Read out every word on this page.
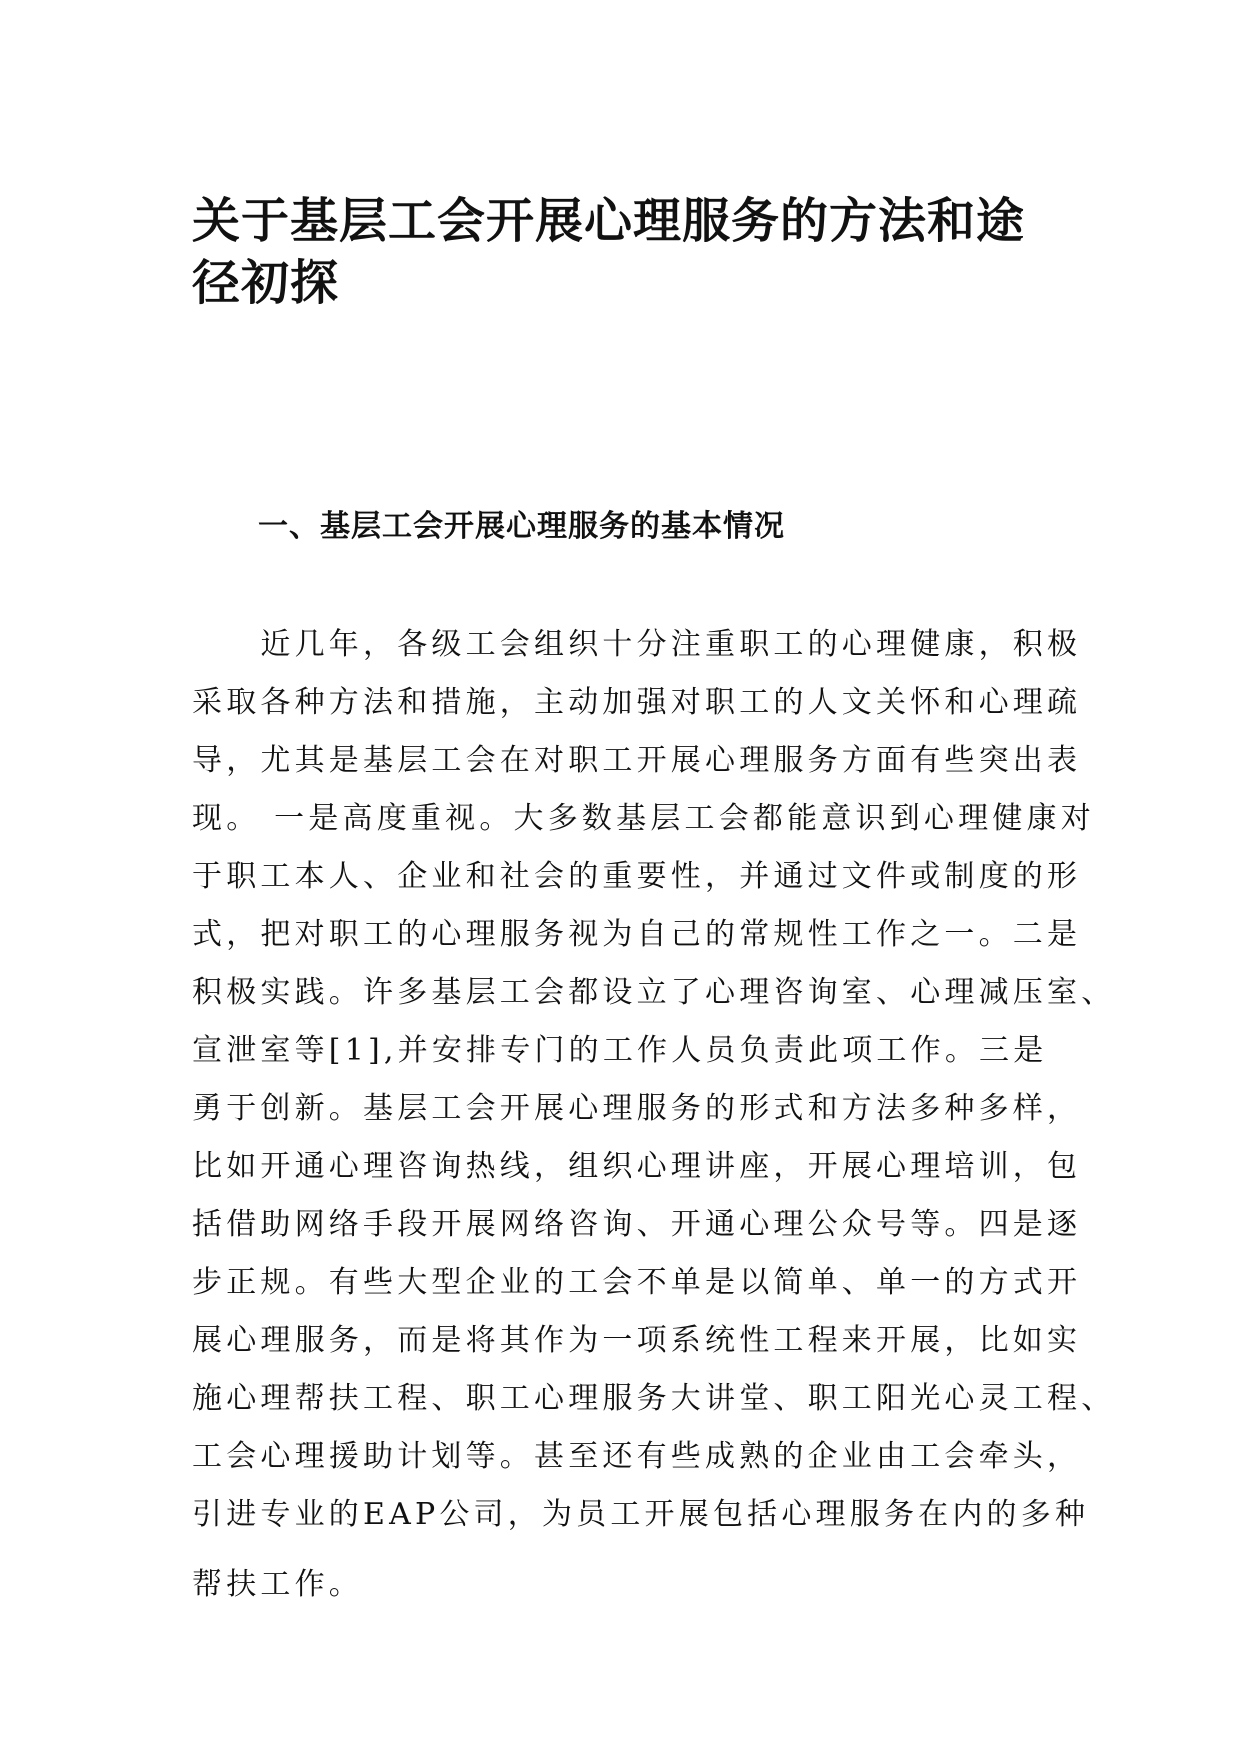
关于基层工会开展心理服务的方法和途径初探
一、基层工会开展心理服务的基本情况
　　近几年，各级工会组织十分注重职工的心理健康，积极
采取各种方法和措施，主动加强对职工的人文关怀和心理疏
导，尤其是基层工会在对职工开展心理服务方面有些突出表
现。 一是高度重视。大多数基层工会都能意识到心理健康对
于职工本人、企业和社会的重要性，并通过文件或制度的形
式，把对职工的心理服务视为自己的常规性工作之一。二是
积极实践。许多基层工会都设立了心理咨询室、心理减压室、
宣泄室等[1],并安排专门的工作人员负责此项工作。三是
勇于创新。基层工会开展心理服务的形式和方法多种多样，
比如开通心理咨询热线，组织心理讲座，开展心理培训，包
括借助网络手段开展网络咨询、开通心理公众号等。四是逐
步正规。有些大型企业的工会不单是以简单、单一的方式开
展心理服务，而是将其作为一项系统性工程来开展，比如实
施心理帮扶工程、职工心理服务大讲堂、职工阳光心灵工程、
工会心理援助计划等。甚至还有些成熟的企业由工会牵头，
引进专业的EAP公司，为员工开展包括心理服务在内的多种
帮扶工作。
